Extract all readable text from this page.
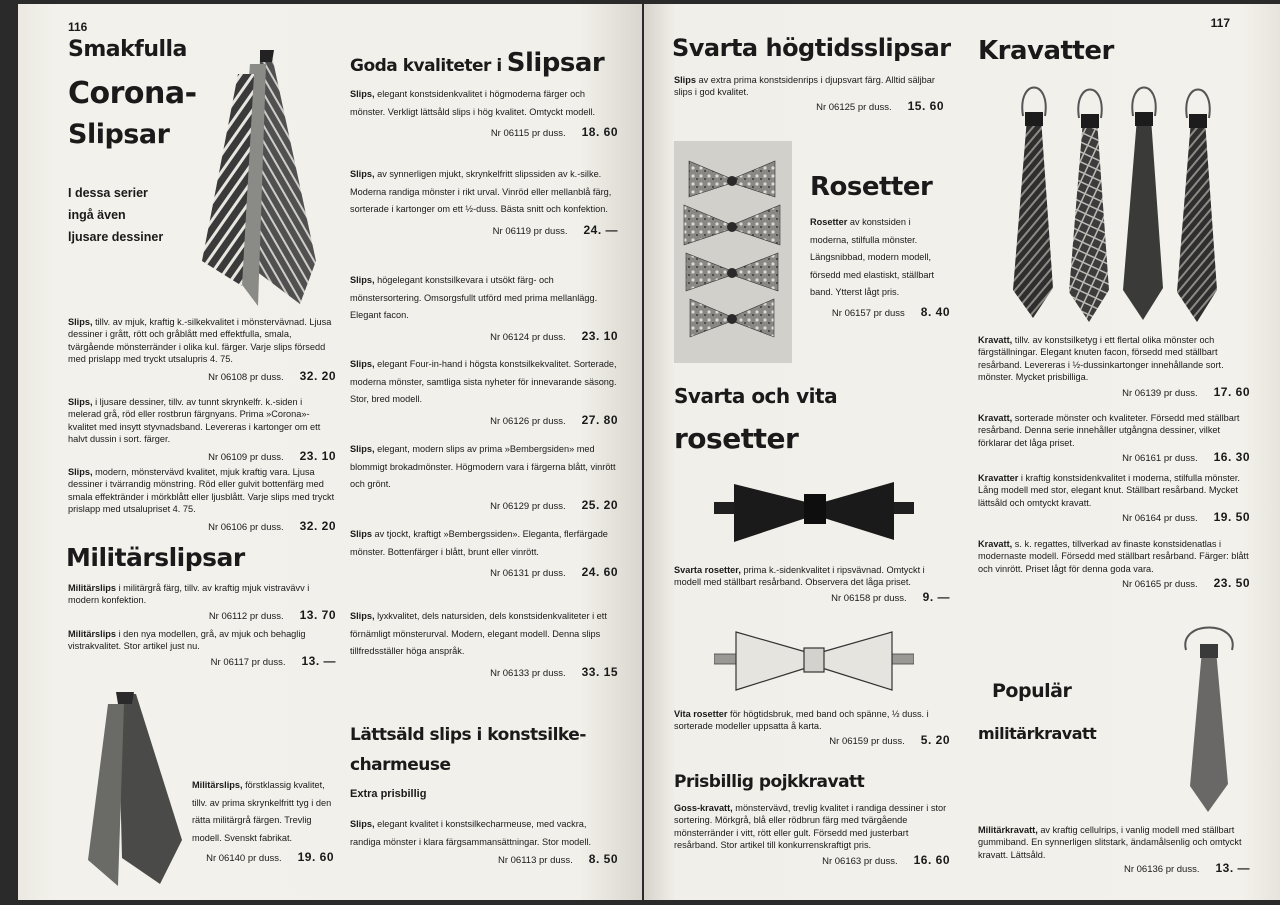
116
Smakfulla
Corona-
Slipsar
I dessa serier
ingå även
ljusare dessiner

Slips, tillv. av mjuk, kraftig k.-silkekvalitet i mönstervävnad. Ljusa dessiner i grått, rött och gråblått med effektfulla, smala, tvärgående mönsterränder i olika kul. färger. Varje slips försedd med prislapp med tryckt utsalupris 4. 75.

Nr 06108 pr duss. 32. 20

Slips, i ljusare dessiner, tillv. av tunnt skrynkelfr. k.-siden i melerad grå, röd eller rostbrun färgnyans. Prima »Corona»-kvalitet med insytt styvnadsband. Levereras i kartonger om ett halvt dussin i sort. färger.

Nr 06109 pr duss. 23. 10

Slips, modern, mönstervävd kvalitet, mjuk kraftig vara. Ljusa dessiner i tvärrandig mönstring. Röd eller gulvit bottenfärg med smala effektränder i mörkblått eller ljusblått. Varje slips med tryckt prislapp med utsalupriset 4. 75.

Nr 06106 pr duss. 32. 20
Militärslipsar

Militärslips i militärgrå färg, tillv. av kraftig mjuk vistravävv i modern konfektion.

Nr 06112 pr duss. 13. 70

Militärslips i den nya modellen, grå, av mjuk och behaglig vistrakvalitet. Stor artikel just nu.

Nr 06117 pr duss. 13. —

Militärslips, förstklassig kvalitet, tillv. av prima skrynkelfritt tyg i den rätta militärgrå färgen. Trevlig modell. Svenskt fabrikat.

Nr 06140 pr duss. 19. 60
Goda kvaliteter i Slipsar

Slips, elegant konstsidenkvalitet i högmoderna färger och mönster. Verkligt lättsåld slips i hög kvalitet. Omtyckt modell.

Nr 06115 pr duss. 18. 60

Slips, av synnerligen mjukt, skrynkelfritt slipssiden av k.-silke. Moderna randiga mönster i rikt urval. Vinröd eller mellanblå färg, sorterade i kartonger om ett ½-duss. Bästa snitt och konfektion.

Nr 06119 pr duss. 24. —

Slips, högelegant konstsilkevara i utsökt färg- och mönstersortering. Omsorgsfullt utförd med prima mellanlägg. Elegant facon.

Nr 06124 pr duss. 23. 10

Slips, elegant Four-in-hand i högsta konstsilkekvalitet. Sorterade, moderna mönster, samtliga sista nyheter för innevarande säsong. Stor, bred modell.

Nr 06126 pr duss. 27. 80

Slips, elegant, modern slips av prima »Bembergsiden» med blommigt brokadmönster. Högmodern vara i färgerna blått, vinrött och grönt.

Nr 06129 pr duss. 25. 20

Slips av tjockt, kraftigt »Bembergssiden». Eleganta, flerfärgade mönster. Bottenfärger i blått, brunt eller vinrött.

Nr 06131 pr duss. 24. 60

Slips, lyxkvalitet, dels natursiden, dels konstsidenkvaliteter i ett förnämligt mönsterurval. Modern, elegant modell. Denna slips tillfredsställer höga anspråk.

Nr 06133 pr duss. 33. 15
Lättsäld slips i konstsilke-charmeuse
Extra prisbillig

Slips, elegant kvalitet i konstsilkecharmeuse, med vackra, randiga mönster i klara färgsammansättningar. Stor modell.

Nr 06113 pr duss. 8. 50
117
Svarta högtidsslipsar

Slips av extra prima konstsidenrips i djupsvart färg. Alltid säljbar slips i god kvalitet.

Nr 06125 pr duss. 15. 60
Rosetter

Rosetter av konstsiden i moderna, stilfulla mönster. Längsnibbad, modern modell, försedd med elastiskt, ställbart band. Ytterst lågt pris.

Nr 06157 pr duss 8. 40
Svarta och vita
rosetter

Svarta rosetter, prima k.-sidenkvalitet i ripsvävnad. Omtyckt i modell med ställbart resårband. Observera det låga priset.

Nr 06158 pr duss. 9. —

Vita rosetter för högtidsbruk, med band och spänne, ½ duss. i sorterade modeller uppsatta å karta.

Nr 06159 pr duss. 5. 20
Prisbillig pojkkravatt

Goss-kravatt, mönstervävd, trevlig kvalitet i randiga dessiner i stor sortering. Mörkgrå, blå eller rödbrun färg med tvärgående mönsterränder i vitt, rött eller gult. Försedd med justerbart resårband. Stor artikel till konkurrenskraftigt pris.

Nr 06163 pr duss. 16. 60
Kravatter

Kravatt, tillv. av konstsilketyg i ett flertal olika mönster och färgställningar. Elegant knuten facon, försedd med ställbart resårband. Levereras i ½-dussinkartonger innehållande sort. mönster. Mycket prisbilliga.

Nr 06139 pr duss. 17. 60

Kravatt, sorterade mönster och kvaliteter. Försedd med ställbart resårband. Denna serie innehåller utgångna dessiner, vilket förklarar det låga priset.

Nr 06161 pr duss. 16. 30

Kravatter i kraftig konstsidenkvalitet i moderna, stilfulla mönster. Lång modell med stor, elegant knut. Ställbart resårband. Mycket lättsåld och omtyckt kravatt.

Nr 06164 pr duss. 19. 50

Kravatt, s. k. regattes, tillverkad av finaste konstsidenatlas i modernaste modell. Försedd med ställbart resårband. Färger: blått och vinrött. Priset lågt för denna goda vara.

Nr 06165 pr duss. 23. 50
Populär
militärkravatt

Militärkravatt, av kraftig cellulrips, i vanlig modell med ställbart gummiband. En synnerligen slitstark, ändamålsenlig och omtyckt kravatt. Lättsåld.

Nr 06136 pr duss. 13. —
